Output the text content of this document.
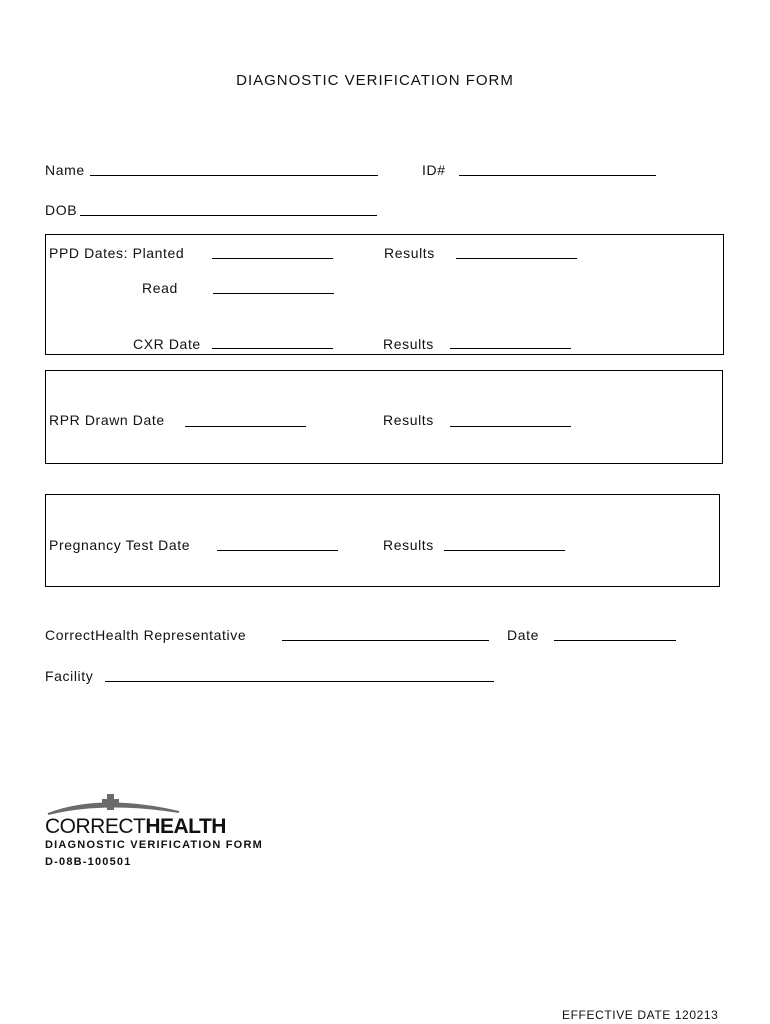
DIAGNOSTIC VERIFICATION FORM
Name	ID#
DOB
PPD Dates: Planted	Results
Read
CXR Date	Results
RPR Drawn Date	Results
Pregnancy Test Date	Results
CorrectHealth Representative	Date
Facility
CORRECTHEALTH
DIAGNOSTIC VERIFICATION FORM
D-08B-100501
EFFECTIVE DATE 120213
